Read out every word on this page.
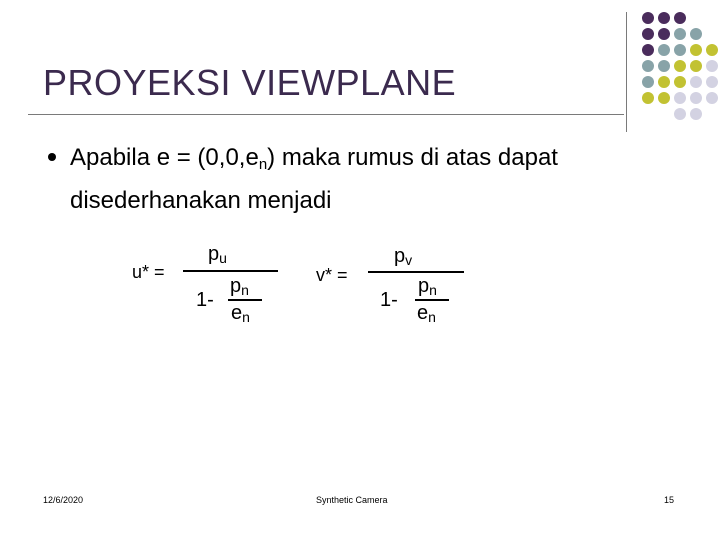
PROYEKSI VIEWPLANE
Apabila $e = (0,0,e_n)$ maka rumus di atas dapat disederhanakan menjadi
u* =
$p_u$
1-
$p_n$
$e_n$
v* =
$p_v$
1-
$p_n$
$e_n$
12/6/2020	Synthetic Camera	15
